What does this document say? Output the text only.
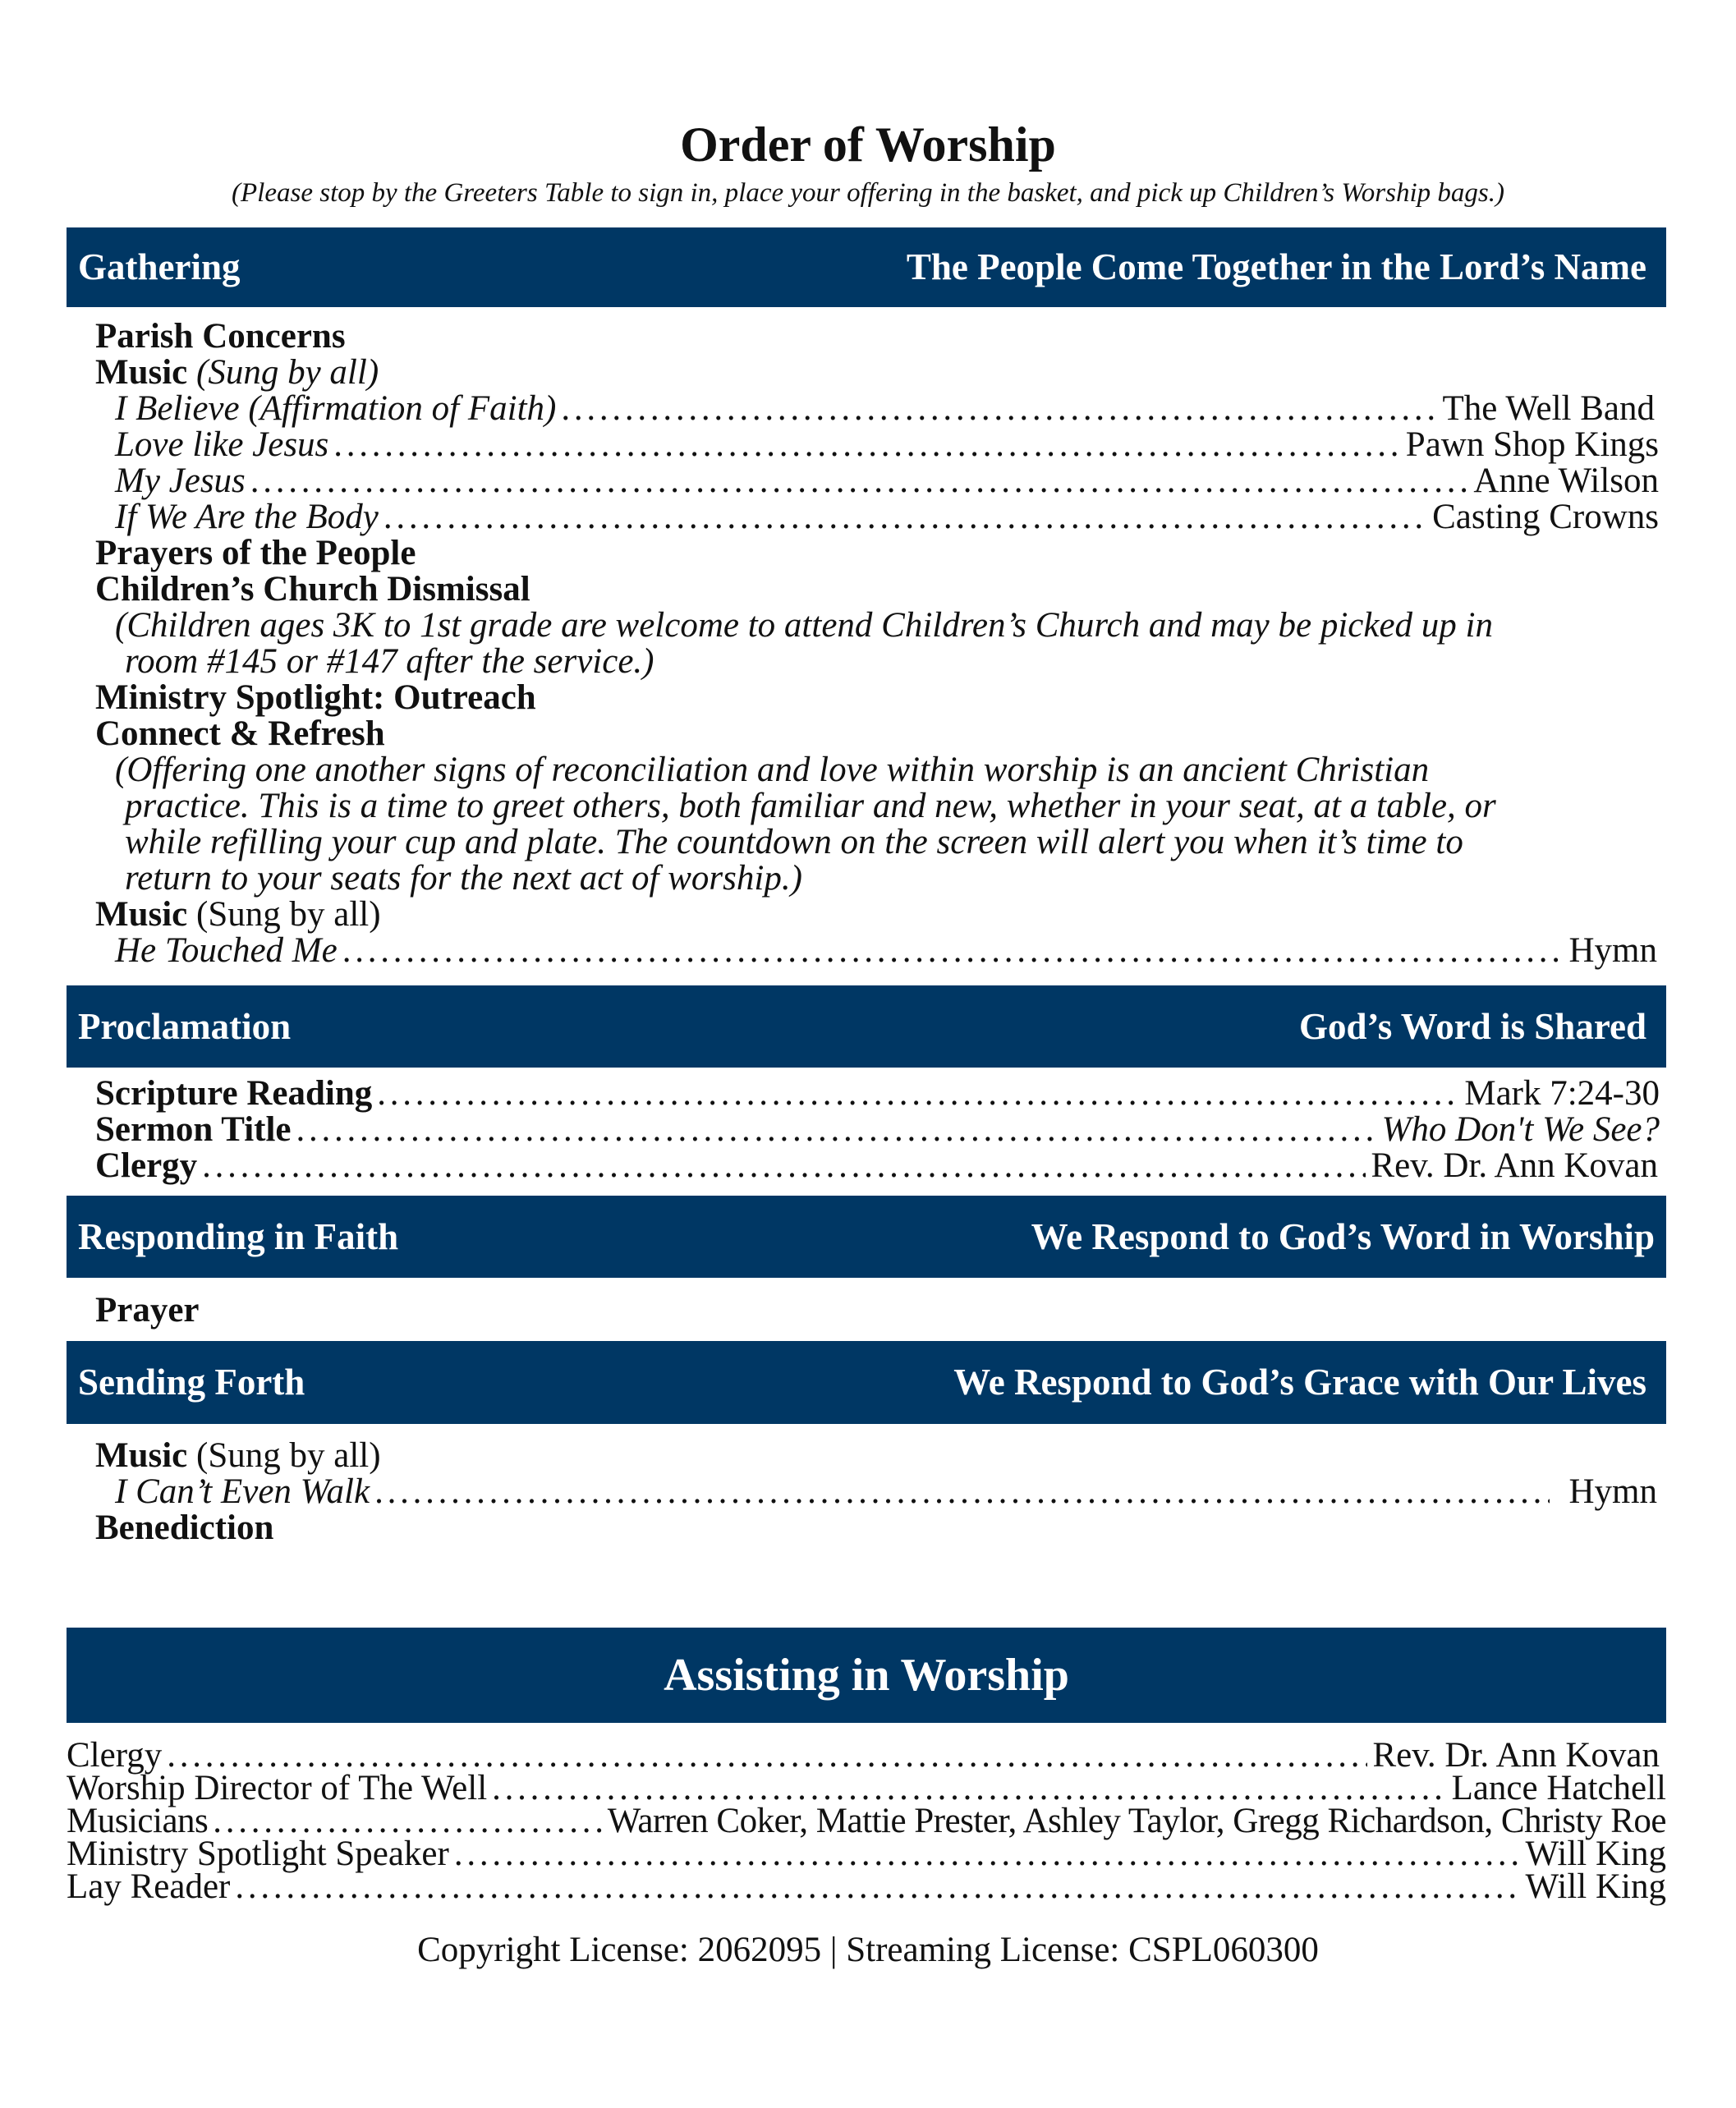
Order of Worship
(Please stop by the Greeters Table to sign in, place your offering in the basket, and pick up Children’s Worship bags.)
Gathering	The People Come Together in the Lord’s Name
Parish Concerns
Music (Sung by all)
I Believe (Affirmation of Faith) . . .	The Well Band
Love like Jesus . . .	Pawn Shop Kings
My Jesus . . .	Anne Wilson
If We Are the Body . . .	Casting Crowns
Prayers of the People
Children’s Church Dismissal
(Children ages 3K to 1st grade are welcome to attend Children’s Church and may be picked up in
room #145 or #147 after the service.)
Ministry Spotlight: Outreach
Connect & Refresh
(Offering one another signs of reconciliation and love within worship is an ancient Christian
practice. This is a time to greet others, both familiar and new, whether in your seat, at a table, or
while refilling your cup and plate. The countdown on the screen will alert you when it’s time to
return to your seats for the next act of worship.)
Music (Sung by all)
He Touched Me . . .	Hymn
Proclamation	God’s Word is Shared
Scripture Reading . . .	Mark 7:24-30
Sermon Title . . .	Who Don't We See?
Clergy . . .	Rev. Dr. Ann Kovan
Responding in Faith	We Respond to God’s Word in Worship
Prayer
Sending Forth	We Respond to God’s Grace with Our Lives
Music (Sung by all)
I Can’t Even Walk . . .	Hymn
Benediction
Assisting in Worship
Clergy . . .	Rev. Dr. Ann Kovan
Worship Director of The Well . . .	Lance Hatchell
Musicians . . .	Warren Coker, Mattie Prester, Ashley Taylor, Gregg Richardson, Christy Roe
Ministry Spotlight Speaker . . .	Will King
Lay Reader . . .	Will King
Copyright License: 2062095 | Streaming License: CSPL060300
